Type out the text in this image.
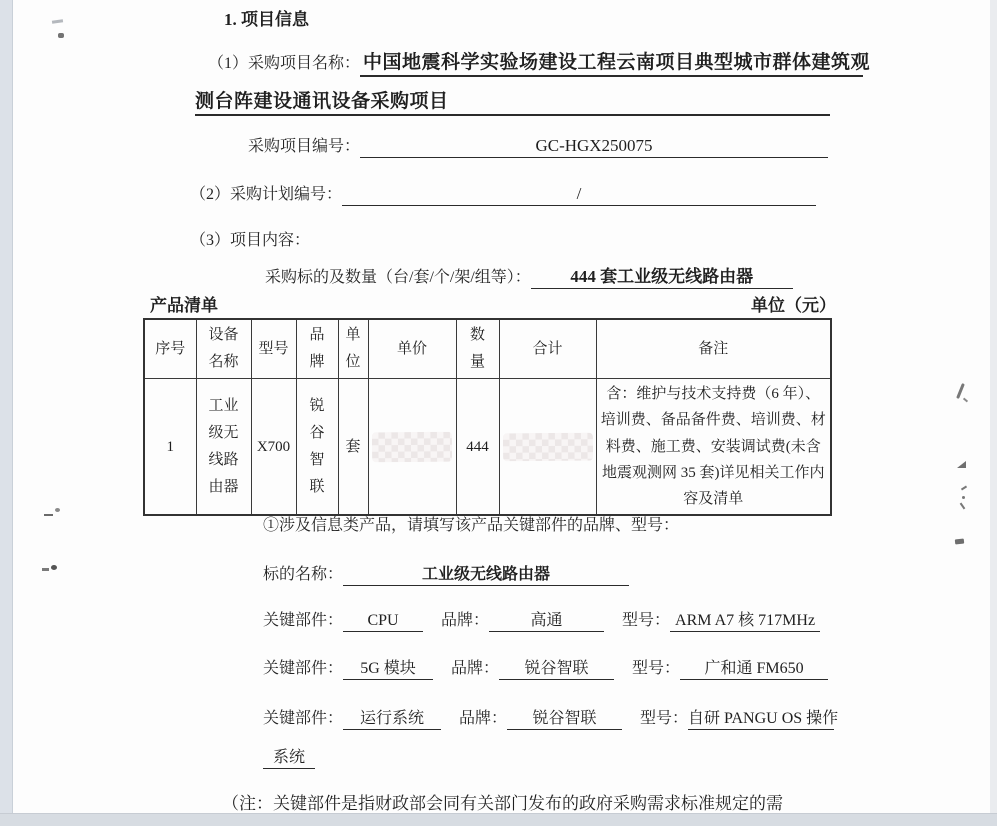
1. 项目信息
（1）采购项目名称： 中国地震科学实验场建设工程云南项目典型城市群体建筑观
测台阵建设通讯设备采购项目
采购项目编号：	GC-HGX250075
（2）采购计划编号：	/
（3）项目内容：
采购标的及数量（台/套/个/架/组等）：	444 套工业级无线路由器
产品清单	单位（元）
序号	设备名称	型号	品牌	单位	单价	数量	合计	备注
1	工业级无线路由器	X700	锐谷智联	套		444		含：维护与技术支持费（6 年）、培训费、备品备件费、培训费、材料费、施工费、安装调试费(未含地震观测网 35 套)详见相关工作内容及清单
①涉及信息类产品，请填写该产品关键部件的品牌、型号：
标的名称：	工业级无线路由器
关键部件：	CPU	品牌：	高通	型号： ARM A7 核 717MHz
关键部件：	5G 模块	品牌：	锐谷智联	型号：	广和通 FM650
关键部件：	运行系统	品牌：	锐谷智联	型号： 自研 PANGU OS 操作
系统
（注：关键部件是指财政部会同有关部门发布的政府采购需求标准规定的需
